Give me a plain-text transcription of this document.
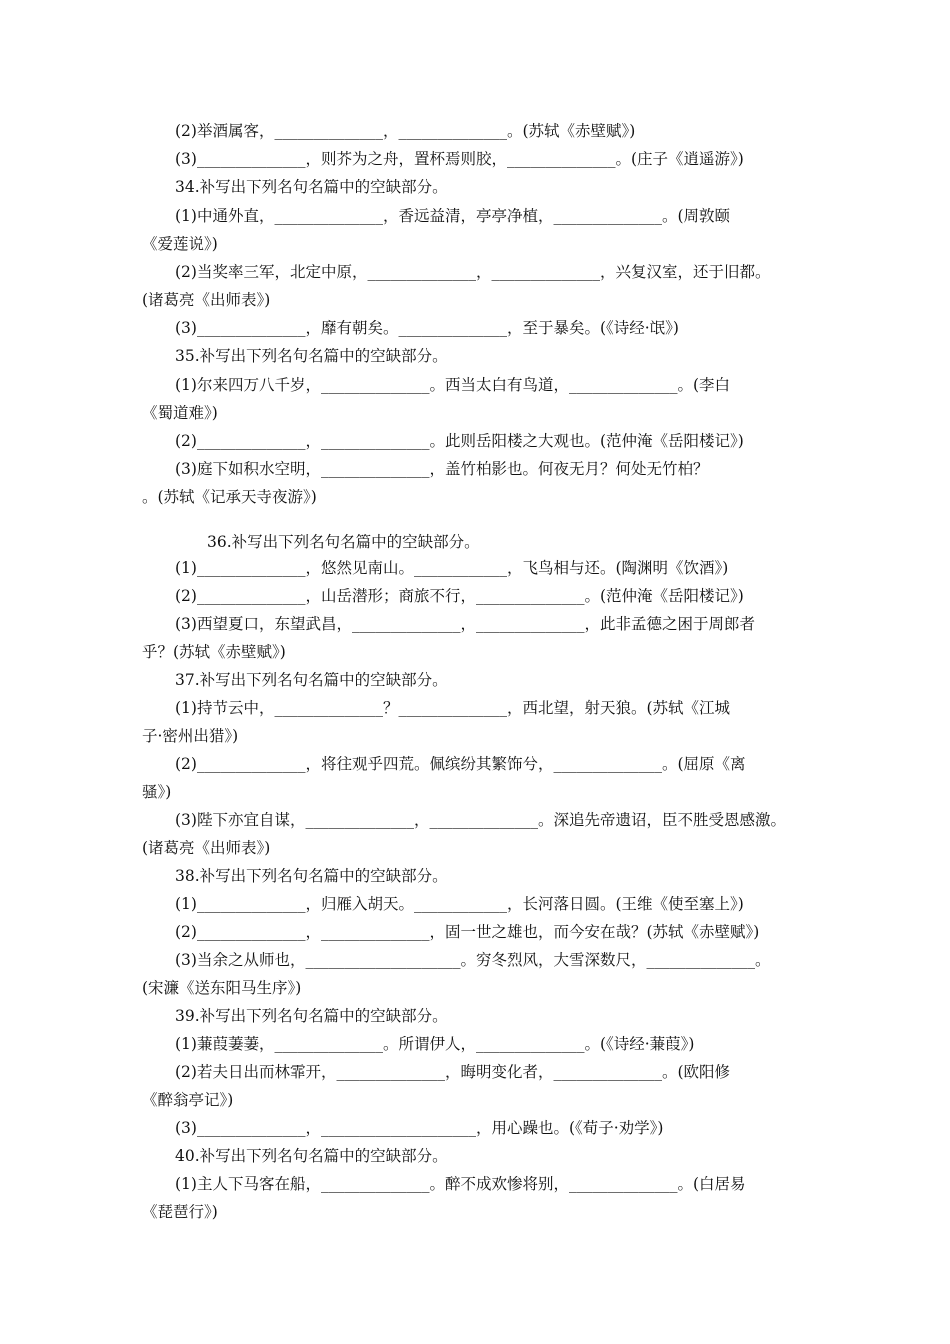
(2)举酒属客，______________，______________。(苏轼《赤壁赋》)
(3)______________，则芥为之舟，置杯焉则胶，______________。(庄子《逍遥游》)
34.补写出下列名句名篇中的空缺部分。
(1)中通外直，______________，香远益清，亭亭净植，______________。(周敦颐
《爱莲说》)
(2)当奖率三军，北定中原，______________，______________，兴复汉室，还于旧都。
(诸葛亮《出师表》)
(3)______________，靡有朝矣。______________，至于暴矣。(《诗经·氓》)
35.补写出下列名句名篇中的空缺部分。
(1)尔来四万八千岁，______________。西当太白有鸟道，______________。(李白
《蜀道难》)
(2)______________，______________。此则岳阳楼之大观也。(范仲淹《岳阳楼记》)
(3)庭下如积水空明，______________，盖竹柏影也。何夜无月？何处无竹柏？
。(苏轼《记承天寺夜游》)
36.补写出下列名句名篇中的空缺部分。
(1)______________，悠然见南山。____________，飞鸟相与还。(陶渊明《饮酒》)
(2)______________，山岳潜形；商旅不行，______________。(范仲淹《岳阳楼记》)
(3)西望夏口，东望武昌，______________，______________，此非孟德之困于周郎者
乎？(苏轼《赤壁赋》)
37.补写出下列名句名篇中的空缺部分。
(1)持节云中，______________？______________，西北望，射天狼。(苏轼《江城
子·密州出猎》)
(2)______________，将往观乎四荒。佩缤纷其繁饰兮，______________。(屈原《离
骚》)
(3)陛下亦宜自谋，______________，______________。深追先帝遗诏，臣不胜受恩感激。
(诸葛亮《出师表》)
38.补写出下列名句名篇中的空缺部分。
(1)______________，归雁入胡天。____________，长河落日圆。(王维《使至塞上》)
(2)______________，______________，固一世之雄也，而今安在哉？(苏轼《赤壁赋》)
(3)当余之从师也，____________________。穷冬烈风，大雪深数尺，______________。
(宋濂《送东阳马生序》)
39.补写出下列名句名篇中的空缺部分。
(1)蒹葭萋萋，______________。所谓伊人，______________。(《诗经·蒹葭》)
(2)若夫日出而林霏开，______________，晦明变化者，______________。(欧阳修
《醉翁亭记》)
(3)______________，____________________，用心躁也。(《荀子·劝学》)
40.补写出下列名句名篇中的空缺部分。
(1)主人下马客在船，______________。醉不成欢惨将别，______________。(白居易
《琵琶行》)
